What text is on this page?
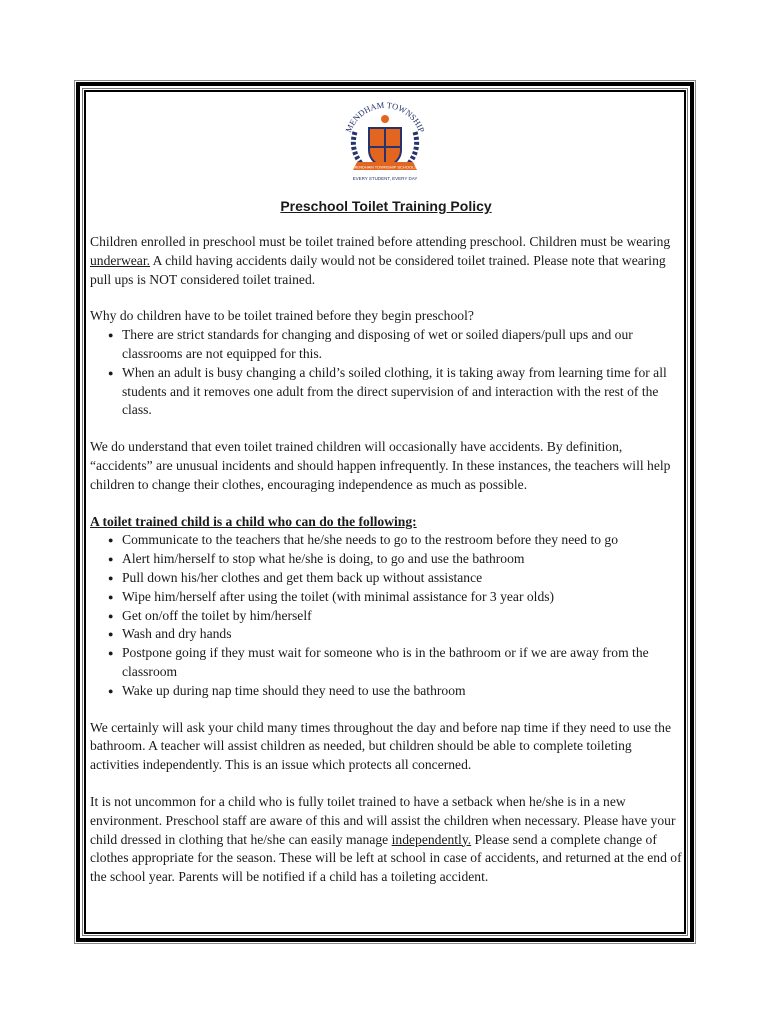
MENDHAM TOWNSHIP
MENDHAM TOWNSHIP SCHOOLS
EVERY STUDENT, EVERY DAY
Preschool Toilet Training Policy

Children enrolled in preschool must be toilet trained before attending preschool. Children must be wearing underwear. A child having accidents daily would not be considered toilet trained. Please note that wearing pull ups is NOT considered toilet trained.

Why do children have to be toilet trained before they begin preschool?

● There are strict standards for changing and disposing of wet or soiled diapers/pull ups and our classrooms are not equipped for this.
● When an adult is busy changing a child’s soiled clothing, it is taking away from learning time for all students and it removes one adult from the direct supervision of and interaction with the rest of the class.

We do understand that even toilet trained children will occasionally have accidents. By definition, “accidents” are unusual incidents and should happen infrequently. In these instances, the teachers will help children to change their clothes, encouraging independence as much as possible.

A toilet trained child is a child who can do the following:

● Communicate to the teachers that he/she needs to go to the restroom before they need to go
● Alert him/herself to stop what he/she is doing, to go and use the bathroom
● Pull down his/her clothes and get them back up without assistance
● Wipe him/herself after using the toilet (with minimal assistance for 3 year olds)
● Get on/off the toilet by him/herself
● Wash and dry hands
● Postpone going if they must wait for someone who is in the bathroom or if we are away from the classroom
● Wake up during nap time should they need to use the bathroom

We certainly will ask your child many times throughout the day and before nap time if they need to use the bathroom. A teacher will assist children as needed, but children should be able to complete toileting activities independently. This is an issue which protects all concerned.

It is not uncommon for a child who is fully toilet trained to have a setback when he/she is in a new environment. Preschool staff are aware of this and will assist the children when necessary. Please have your child dressed in clothing that he/she can easily manage independently. Please send a complete change of clothes appropriate for the season. These will be left at school in case of accidents, and returned at the end of the school year. Parents will be notified if a child has a toileting accident.
